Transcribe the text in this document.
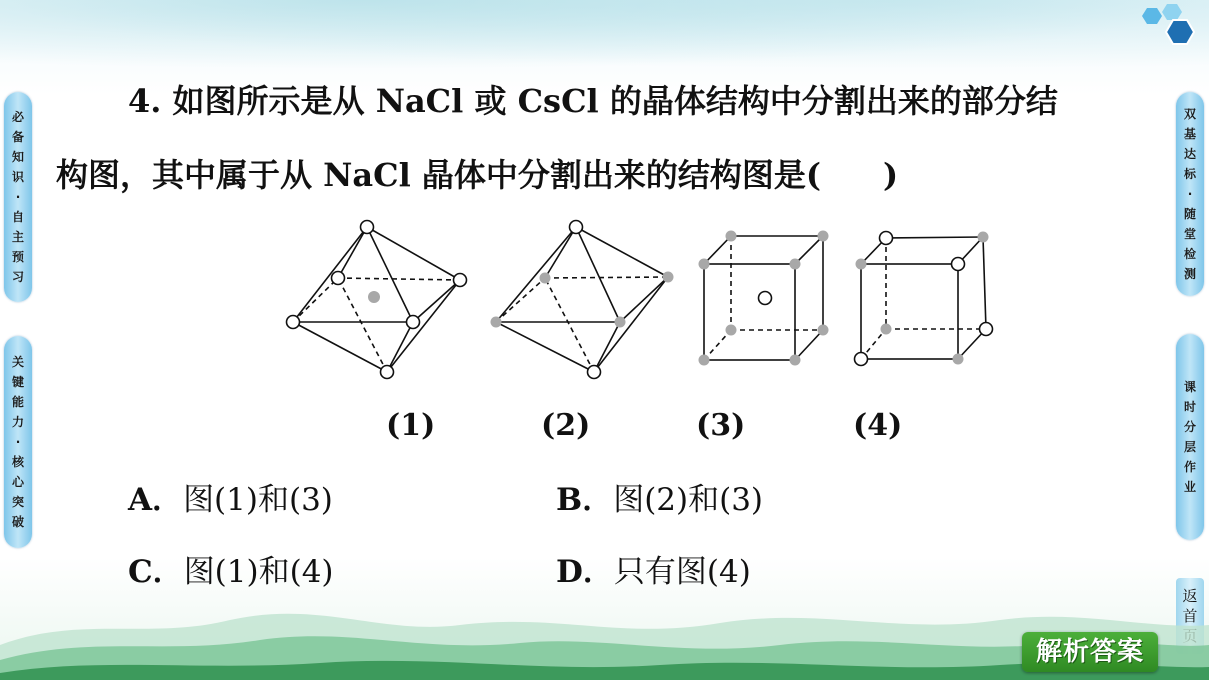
必
备
知
识
·
自
主
预
习
关
键
能
力
·
核
心
突
破
双
基
达
标
·
随
堂
检
测
课
时
分
层
作
业
返
首
4. 如图所示是从 NaCl 或 CsCl 的晶体结构中分割出来的部分结
构图，其中属于从 NaCl 晶体中分割出来的结构图是( )
(1)	(2)	(3)	(4)
A．图(1)和(3)	B．图(2)和(3)
C．图(1)和(4)	D．只有图(4)
解析答案
